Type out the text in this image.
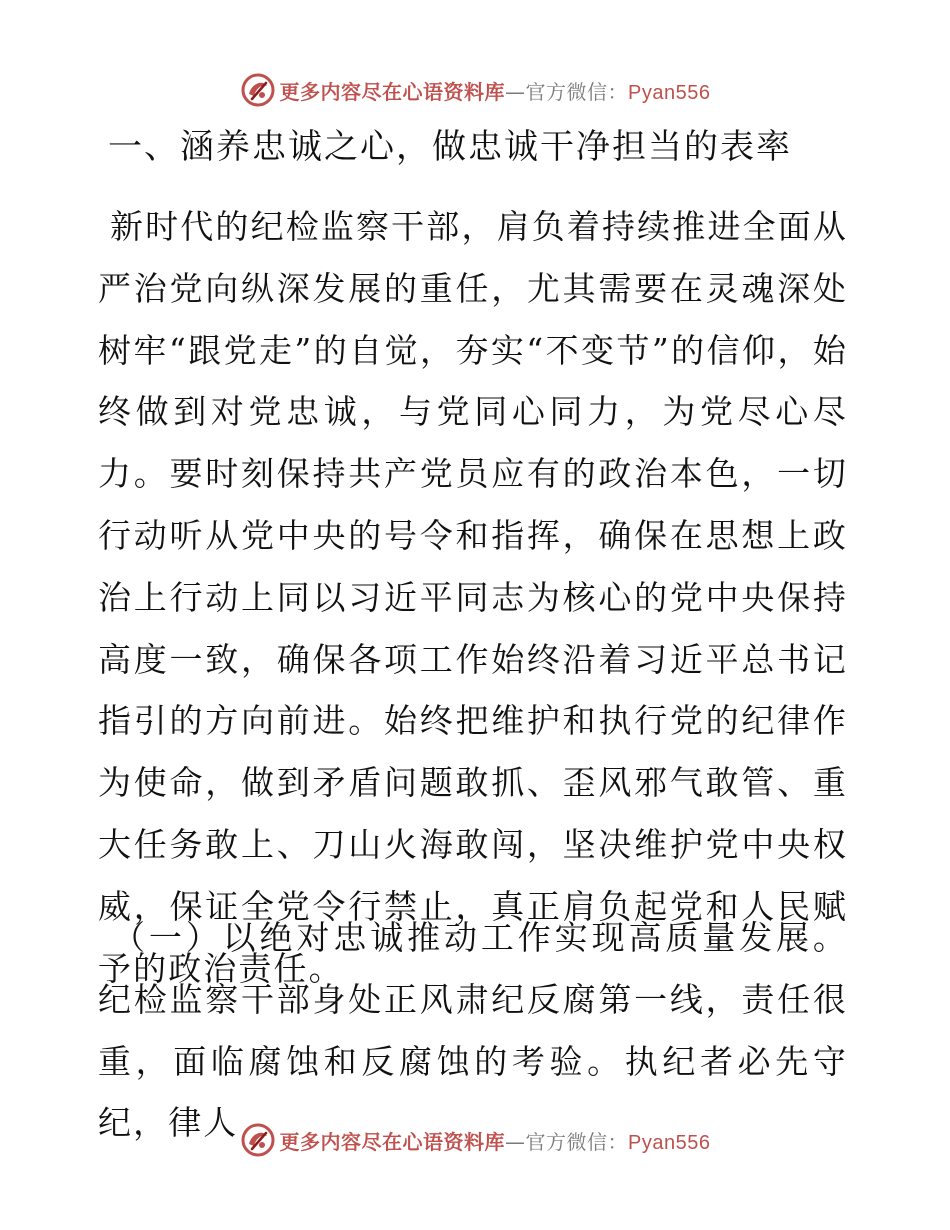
更多内容尽在心语资料库—官方微信：Pyan556
一、涵养忠诚之心，做忠诚干净担当的表率

新时代的纪检监察干部，肩负着持续推进全面从严治党向纵深发展的重任，尤其需要在灵魂深处树牢“跟党走”的自觉，夯实“不变节”的信仰，始终做到对党忠诚，与党同心同力，为党尽心尽力。要时刻保持共产党员应有的政治本色，一切行动听从党中央的号令和指挥，确保在思想上政治上行动上同以习近平同志为核心的党中央保持高度一致，确保各项工作始终沿着习近平总书记指引的方向前进。始终把维护和执行党的纪律作为使命，做到矛盾问题敢抓、歪风邪气敢管、重大任务敢上、刀山火海敢闯，坚决维护党中央权威，保证全党令行禁止，真正肩负起党和人民赋予的政治责任。

（一）以绝对忠诚推动工作实现高质量发展。纪检监察干部身处正风肃纪反腐第一线，责任很重，面临腐蚀和反腐蚀的考验。执纪者必先守纪，律人	更多内容尽在心语资料库—官方微信：Pyan556
